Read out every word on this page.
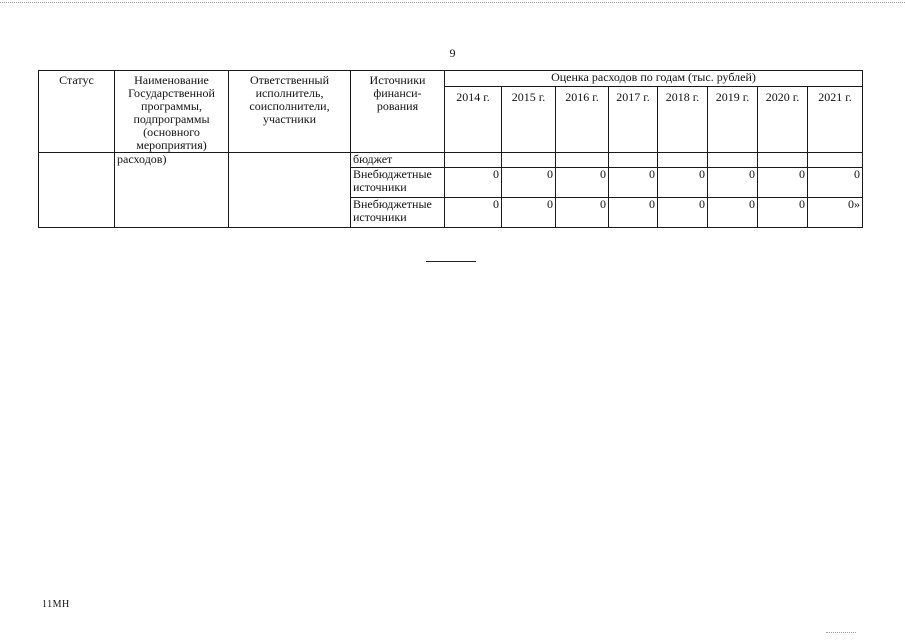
9
Статус	Наименование Государственной программы, подпрограммы (основного мероприятия)	Ответственный исполнитель, соисполнители, участники	Источники финанси-рования	Оценка расходов по годам (тыс. рублей)							
				2014 г.	2015 г.	2016 г.	2017 г.	2018 г.	2019 г.	2020 г.	2021 г.
	расходов)		бюджет								
			Внебюджетные источники	0	0	0	0	0	0	0	0
			Внебюджетные источники	0	0	0	0	0	0	0	0»
11МН
